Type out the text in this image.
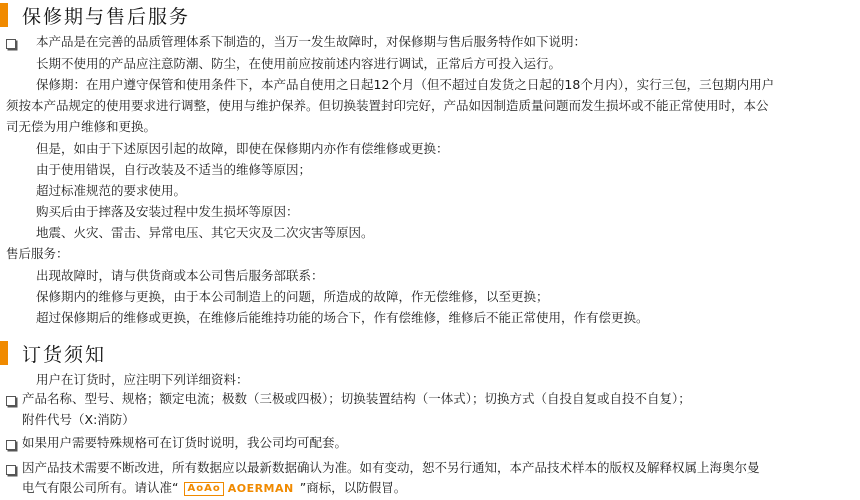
保修期与售后服务
本产品是在完善的品质管理体系下制造的，当万一发生故障时，对保修期与售后服务特作如下说明：
长期不使用的产品应注意防潮、防尘，在使用前应按前述内容进行调试，正常后方可投入运行。
保修期：在用户遵守保管和使用条件下，本产品自使用之日起12个月（但不超过自发货之日起的18个月内），实行三包，三包期内用户
须按本产品规定的使用要求进行调整，使用与维护保养。但切换装置封印完好，产品如因制造质量问题而发生损坏或不能正常使用时，本公
司无偿为用户维修和更换。
但是，如由于下述原因引起的故障，即使在保修期内亦作有偿维修或更换：
由于使用错误，自行改装及不适当的维修等原因；
超过标准规范的要求使用。
购买后由于摔落及安装过程中发生损坏等原因：
地震、火灾、雷击、异常电压、其它天灾及二次灾害等原因。
售后服务：
出现故障时，请与供货商或本公司售后服务部联系：
保修期内的维修与更换，由于本公司制造上的问题，所造成的故障，作无偿维修，以至更换；
超过保修期后的维修或更换，在维修后能维持功能的场合下，作有偿维修，维修后不能正常使用，作有偿更换。
订货须知
用户在订货时，应注明下列详细资料：
产品名称、型号、规格；额定电流；极数（三极或四极）；切换装置结构（一体式）；切换方式（自投自复或自投不自复）；
附件代号（X:消防）
如果用户需要特殊规格可在订货时说明，我公司均可配套。
因产品技术需要不断改进，所有数据应以最新数据确认为准。如有变动，恕不另行通知，本产品技术样本的版权及解释权属上海奥尔曼
电气有限公司所有。请认准“ AoAo AOERMAN ”商标，以防假冒。
